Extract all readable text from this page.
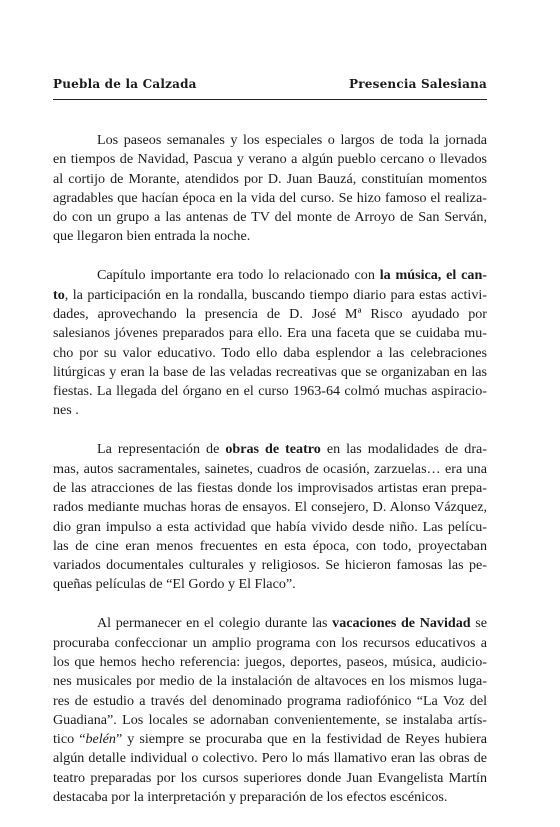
Puebla de la Calzada	Presencia Salesiana

Los paseos semanales y los especiales o largos de toda la jornada
en tiempos de Navidad, Pascua y verano a algún pueblo cercano o llevados
al cortijo de Morante, atendidos por D. Juan Bauzá, constituían momentos
agradables que hacían época en la vida del curso. Se hizo famoso el realiza-
do con un grupo a las antenas de TV del monte de Arroyo de San Serván,
que llegaron bien entrada la noche.

Capítulo importante era todo lo relacionado con la música, el can-
to, la participación en la rondalla, buscando tiempo diario para estas activi-
dades, aprovechando la presencia de D. José Mª Risco ayudado por
salesianos jóvenes preparados para ello. Era una faceta que se cuidaba mu-
cho por su valor educativo. Todo ello daba esplendor a las celebraciones
litúrgicas y eran la base de las veladas recreativas que se organizaban en las
fiestas. La llegada del órgano en el curso 1963-64 colmó muchas aspiracio-
nes .

La representación de obras de teatro en las modalidades de dra-
mas, autos sacramentales, sainetes, cuadros de ocasión, zarzuelas… era una
de las atracciones de las fiestas donde los improvisados artistas eran prepa-
rados mediante muchas horas de ensayos. El consejero, D. Alonso Vázquez,
dio gran impulso a esta actividad que había vivido desde niño. Las pelícu-
las de cine eran menos frecuentes en esta época, con todo, proyectaban
variados documentales culturales y religiosos. Se hicieron famosas las pe-
queñas películas de “El Gordo y El Flaco”.

Al permanecer en el colegio durante las vacaciones de Navidad se
procuraba confeccionar un amplio programa con los recursos educativos a
los que hemos hecho referencia: juegos, deportes, paseos, música, audicio-
nes musicales por medio de la instalación de altavoces en los mismos luga-
res de estudio a través del denominado programa radiofónico “La Voz del
Guadiana”. Los locales se adornaban convenientemente, se instalaba artís-
tico “belén” y siempre se procuraba que en la festividad de Reyes hubiera
algún detalle individual o colectivo. Pero lo más llamativo eran las obras de
teatro preparadas por los cursos superiores donde Juan Evangelista Martín
destacaba por la interpretación y preparación de los efectos escénicos.
